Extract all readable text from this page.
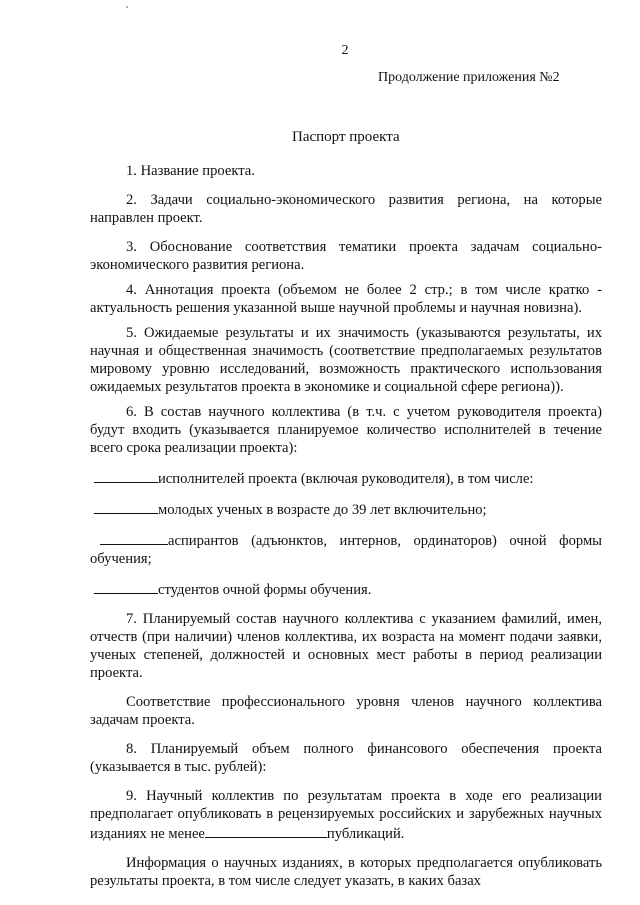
2
Продолжение приложения №2
Паспорт проекта

1. Название проекта.

2. Задачи социально-экономического развития региона, на которые направлен проект.

3. Обоснование соответствия тематики проекта задачам социально-экономического развития региона.

4. Аннотация проекта (объемом не более 2 стр.; в том числе кратко - актуальность решения указанной выше научной проблемы и научная новизна).

5. Ожидаемые результаты и их значимость (указываются результаты, их научная и общественная значимость (соответствие предполагаемых результатов мировому уровню исследований, возможность практического использования ожидаемых результатов проекта в экономике и социальной сфере региона)).

6. В состав научного коллектива (в т.ч. с учетом руководителя проекта) будут входить (указывается планируемое количество исполнителей в течение всего срока реализации проекта):

исполнителей проекта (включая руководителя), в том числе:

молодых ученых в возрасте до 39 лет включительно;

аспирантов (адъюнктов, интернов, ординаторов) очной формы обучения;

студентов очной формы обучения.

7. Планируемый состав научного коллектива с указанием фамилий, имен, отчеств (при наличии) членов коллектива, их возраста на момент подачи заявки, ученых степеней, должностей и основных мест работы в период реализации проекта.

Соответствие профессионального уровня членов научного коллектива задачам проекта.

8. Планируемый объем полного финансового обеспечения проекта (указывается в тыс. рублей):

9. Научный коллектив по результатам проекта в ходе его реализации предполагает опубликовать в рецензируемых российских и зарубежных научных изданиях не менее	публикаций.

Информация о научных изданиях, в которых предполагается опубликовать результаты проекта, в том числе следует указать, в каких базах
